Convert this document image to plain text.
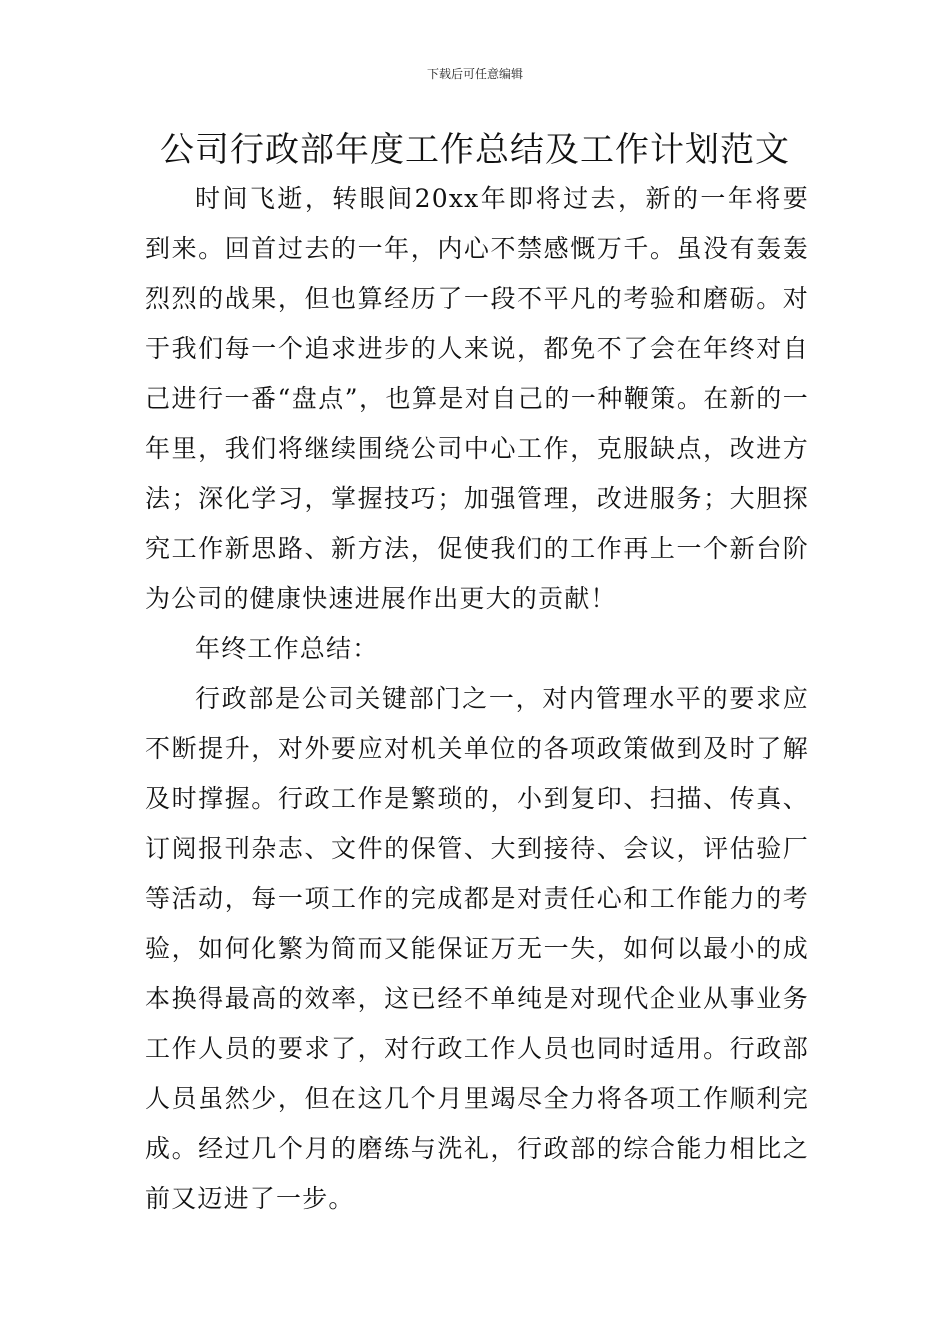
下载后可任意编辑
公司行政部年度工作总结及工作计划范文

时间飞逝，转眼间20xx年即将过去，新的一年将要到来。回首过去的一年，内心不禁感慨万千。虽没有轰轰烈烈的战果，但也算经历了一段不平凡的考验和磨砺。对于我们每一个追求进步的人来说，都免不了会在年终对自己进行一番“盘点”，也算是对自己的一种鞭策。在新的一年里，我们将继续围绕公司中心工作，克服缺点，改进方法；深化学习，掌握技巧；加强管理，改进服务；大胆探究工作新思路、新方法，促使我们的工作再上一个新台阶为公司的健康快速进展作出更大的贡献！

年终工作总结：

行政部是公司关键部门之一，对内管理水平的要求应不断提升，对外要应对机关单位的各项政策做到及时了解及时撑握。行政工作是繁琐的，小到复印、扫描、传真、订阅报刊杂志、文件的保管、大到接待、会议，评估验厂等活动，每一项工作的完成都是对责任心和工作能力的考验，如何化繁为简而又能保证万无一失，如何以最小的成本换得最高的效率，这已经不单纯是对现代企业从事业务工作人员的要求了，对行政工作人员也同时适用。行政部人员虽然少，但在这几个月里竭尽全力将各项工作顺利完成。经过几个月的磨练与洗礼，行政部的综合能力相比之前又迈进了一步。
